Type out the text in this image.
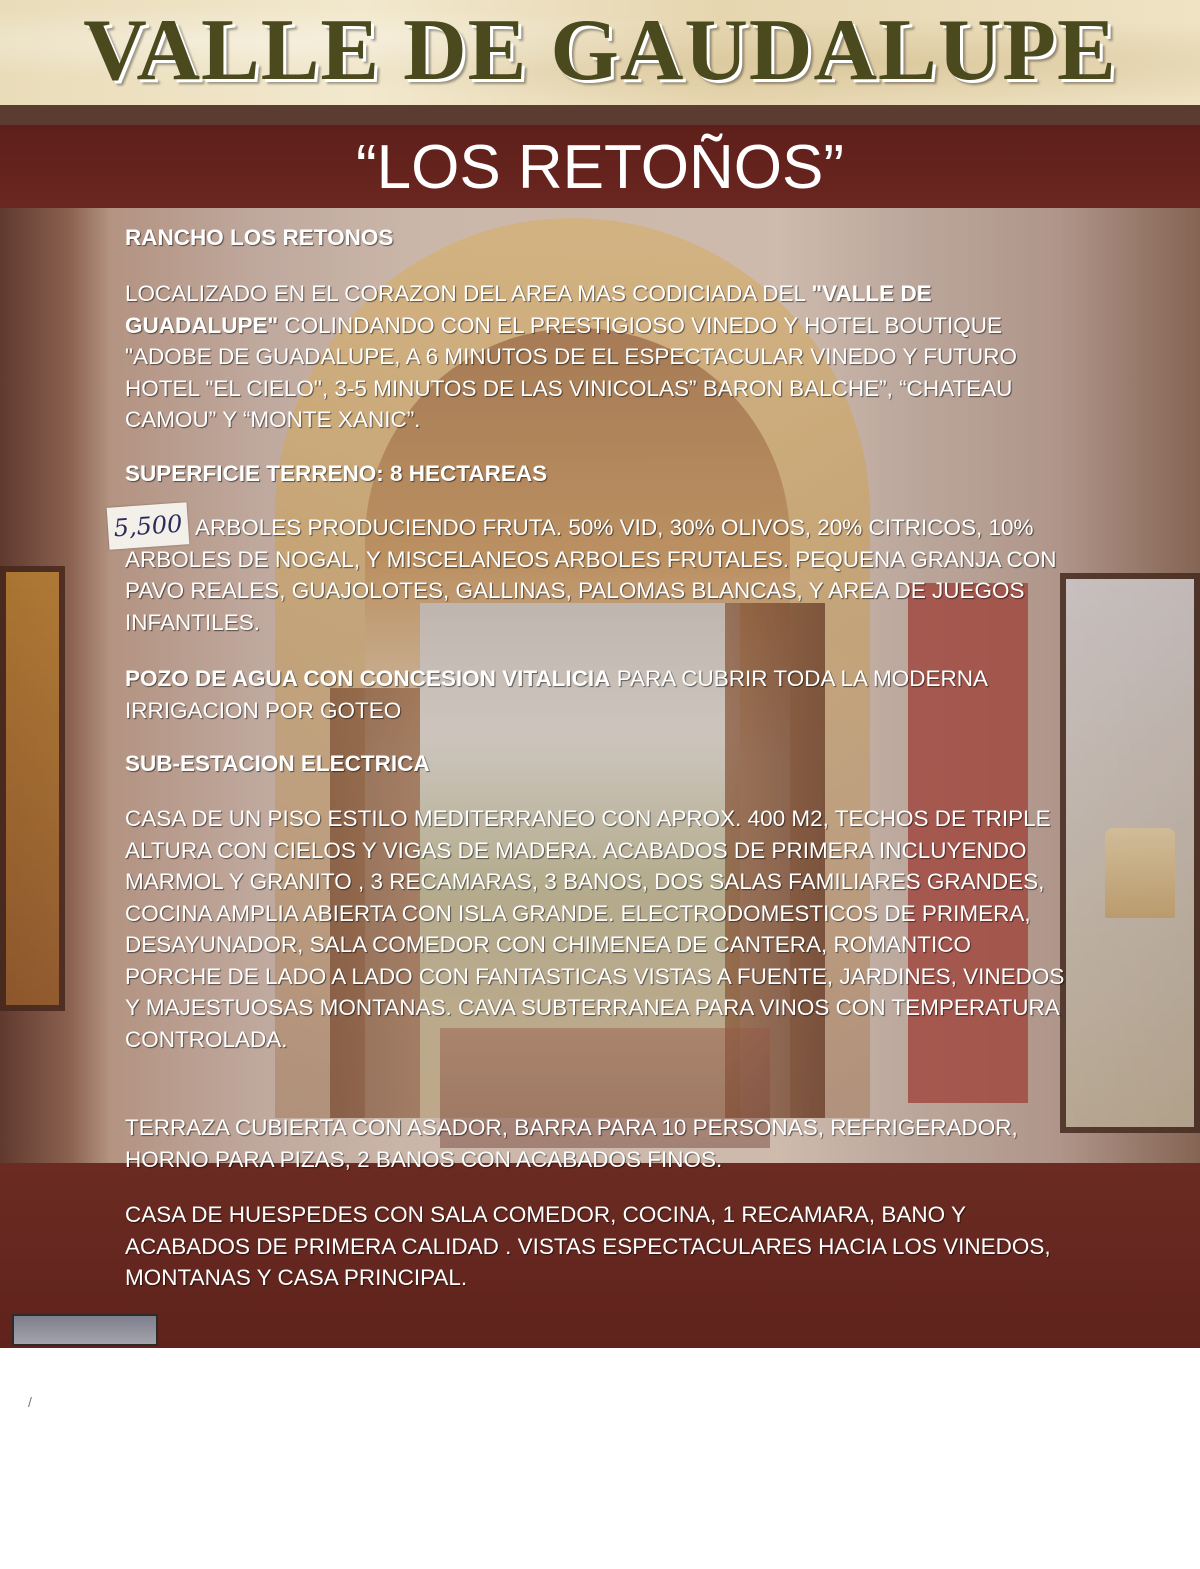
VALLE DE GAUDALUPE
“LOS RETOÑOS”
5,500

RANCHO LOS RETONOS

LOCALIZADO EN EL CORAZON DEL AREA MAS CODICIADA DEL "VALLE DE GUADALUPE" COLINDANDO CON EL PRESTIGIOSO VINEDO Y HOTEL BOUTIQUE "ADOBE DE GUADALUPE, A 6 MINUTOS DE EL ESPECTACULAR VINEDO Y FUTURO HOTEL "EL CIELO", 3-5 MINUTOS DE LAS VINICOLAS” BARON BALCHE”, “CHATEAU CAMOU” Y “MONTE XANIC”.

SUPERFICIE TERRENO: 8 HECTAREAS

ARBOLES PRODUCIENDO FRUTA. 50% VID, 30% OLIVOS, 20% CITRICOS, 10% ARBOLES DE NOGAL, Y MISCELANEOS ARBOLES FRUTALES. PEQUENA GRANJA CON PAVO REALES, GUAJOLOTES, GALLINAS, PALOMAS BLANCAS, Y AREA DE JUEGOS INFANTILES.

POZO DE AGUA CON CONCESION VITALICIA PARA CUBRIR TODA LA MODERNA IRRIGACION POR GOTEO

SUB-ESTACION ELECTRICA

CASA DE UN PISO ESTILO MEDITERRANEO CON APROX. 400 M2, TECHOS DE TRIPLE ALTURA CON CIELOS Y VIGAS DE MADERA. ACABADOS DE PRIMERA INCLUYENDO MARMOL Y GRANITO , 3 RECAMARAS, 3 BANOS, DOS SALAS FAMILIARES GRANDES, COCINA AMPLIA ABIERTA CON ISLA GRANDE. ELECTRODOMESTICOS DE PRIMERA, DESAYUNADOR, SALA COMEDOR CON CHIMENEA DE CANTERA, ROMANTICO PORCHE DE LADO A LADO CON FANTASTICAS VISTAS A FUENTE, JARDINES, VINEDOS Y MAJESTUOSAS MONTANAS. CAVA SUBTERRANEA PARA VINOS CON TEMPERATURA CONTROLADA.

TERRAZA CUBIERTA CON ASADOR, BARRA PARA 10 PERSONAS, REFRIGERADOR, HORNO PARA PIZAS, 2 BANOS CON ACABADOS FINOS.

CASA DE HUESPEDES CON SALA COMEDOR, COCINA, 1 RECAMARA, BANO Y ACABADOS DE PRIMERA CALIDAD . VISTAS ESPECTACULARES HACIA LOS VINEDOS, MONTANAS Y CASA PRINCIPAL.

/
